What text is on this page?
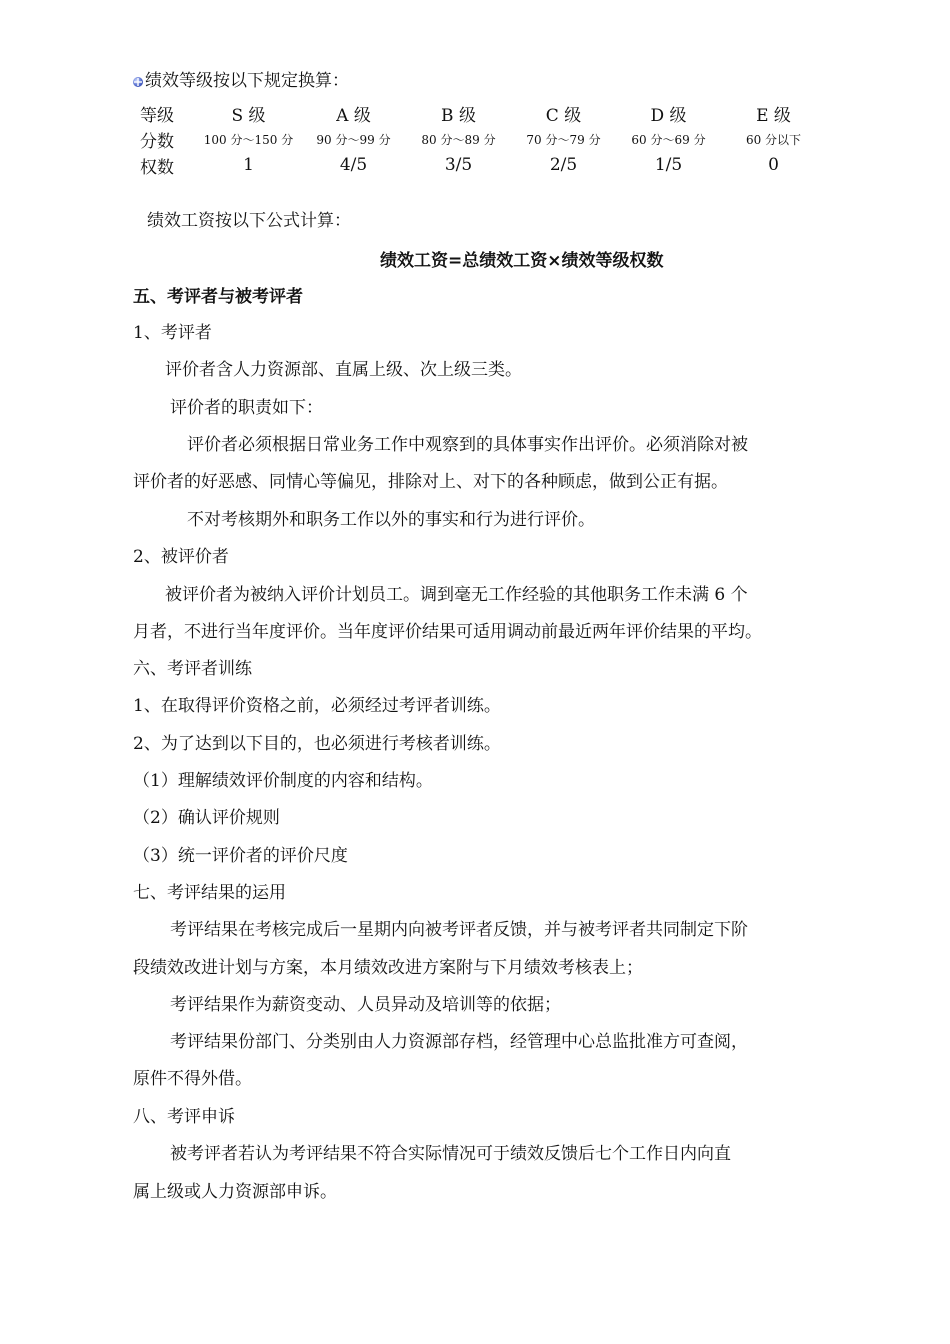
绩效等级按以下规定换算：
等级	S 级	A 级	B 级	C 级	D 级	E 级
分数	100 分～150 分	90 分～99 分	80 分～89 分	70 分～79 分	60 分～69 分	60 分以下
权数	1	4/5	3/5	2/5	1/5	0
绩效工资按以下公式计算：
绩效工资=总绩效工资×绩效等级权数
五、考评者与被考评者
1、考评者
评价者含人力资源部、直属上级、次上级三类。
评价者的职责如下：
评价者必须根据日常业务工作中观察到的具体事实作出评价。必须消除对被
评价者的好恶感、同情心等偏见，排除对上、对下的各种顾虑，做到公正有据。
不对考核期外和职务工作以外的事实和行为进行评价。
2、被评价者
被评价者为被纳入评价计划员工。调到毫无工作经验的其他职务工作未满 6 个
月者，不进行当年度评价。当年度评价结果可适用调动前最近两年评价结果的平均。
六、考评者训练
1、在取得评价资格之前，必须经过考评者训练。
2、为了达到以下目的，也必须进行考核者训练。
（1）理解绩效评价制度的内容和结构。
（2）确认评价规则
（3）统一评价者的评价尺度
七、考评结果的运用
考评结果在考核完成后一星期内向被考评者反馈，并与被考评者共同制定下阶
段绩效改进计划与方案，本月绩效改进方案附与下月绩效考核表上；
考评结果作为薪资变动、人员异动及培训等的依据；
考评结果份部门、分类别由人力资源部存档，经管理中心总监批准方可查阅，
原件不得外借。
八、考评申诉
被考评者若认为考评结果不符合实际情况可于绩效反馈后七个工作日内向直
属上级或人力资源部申诉。
